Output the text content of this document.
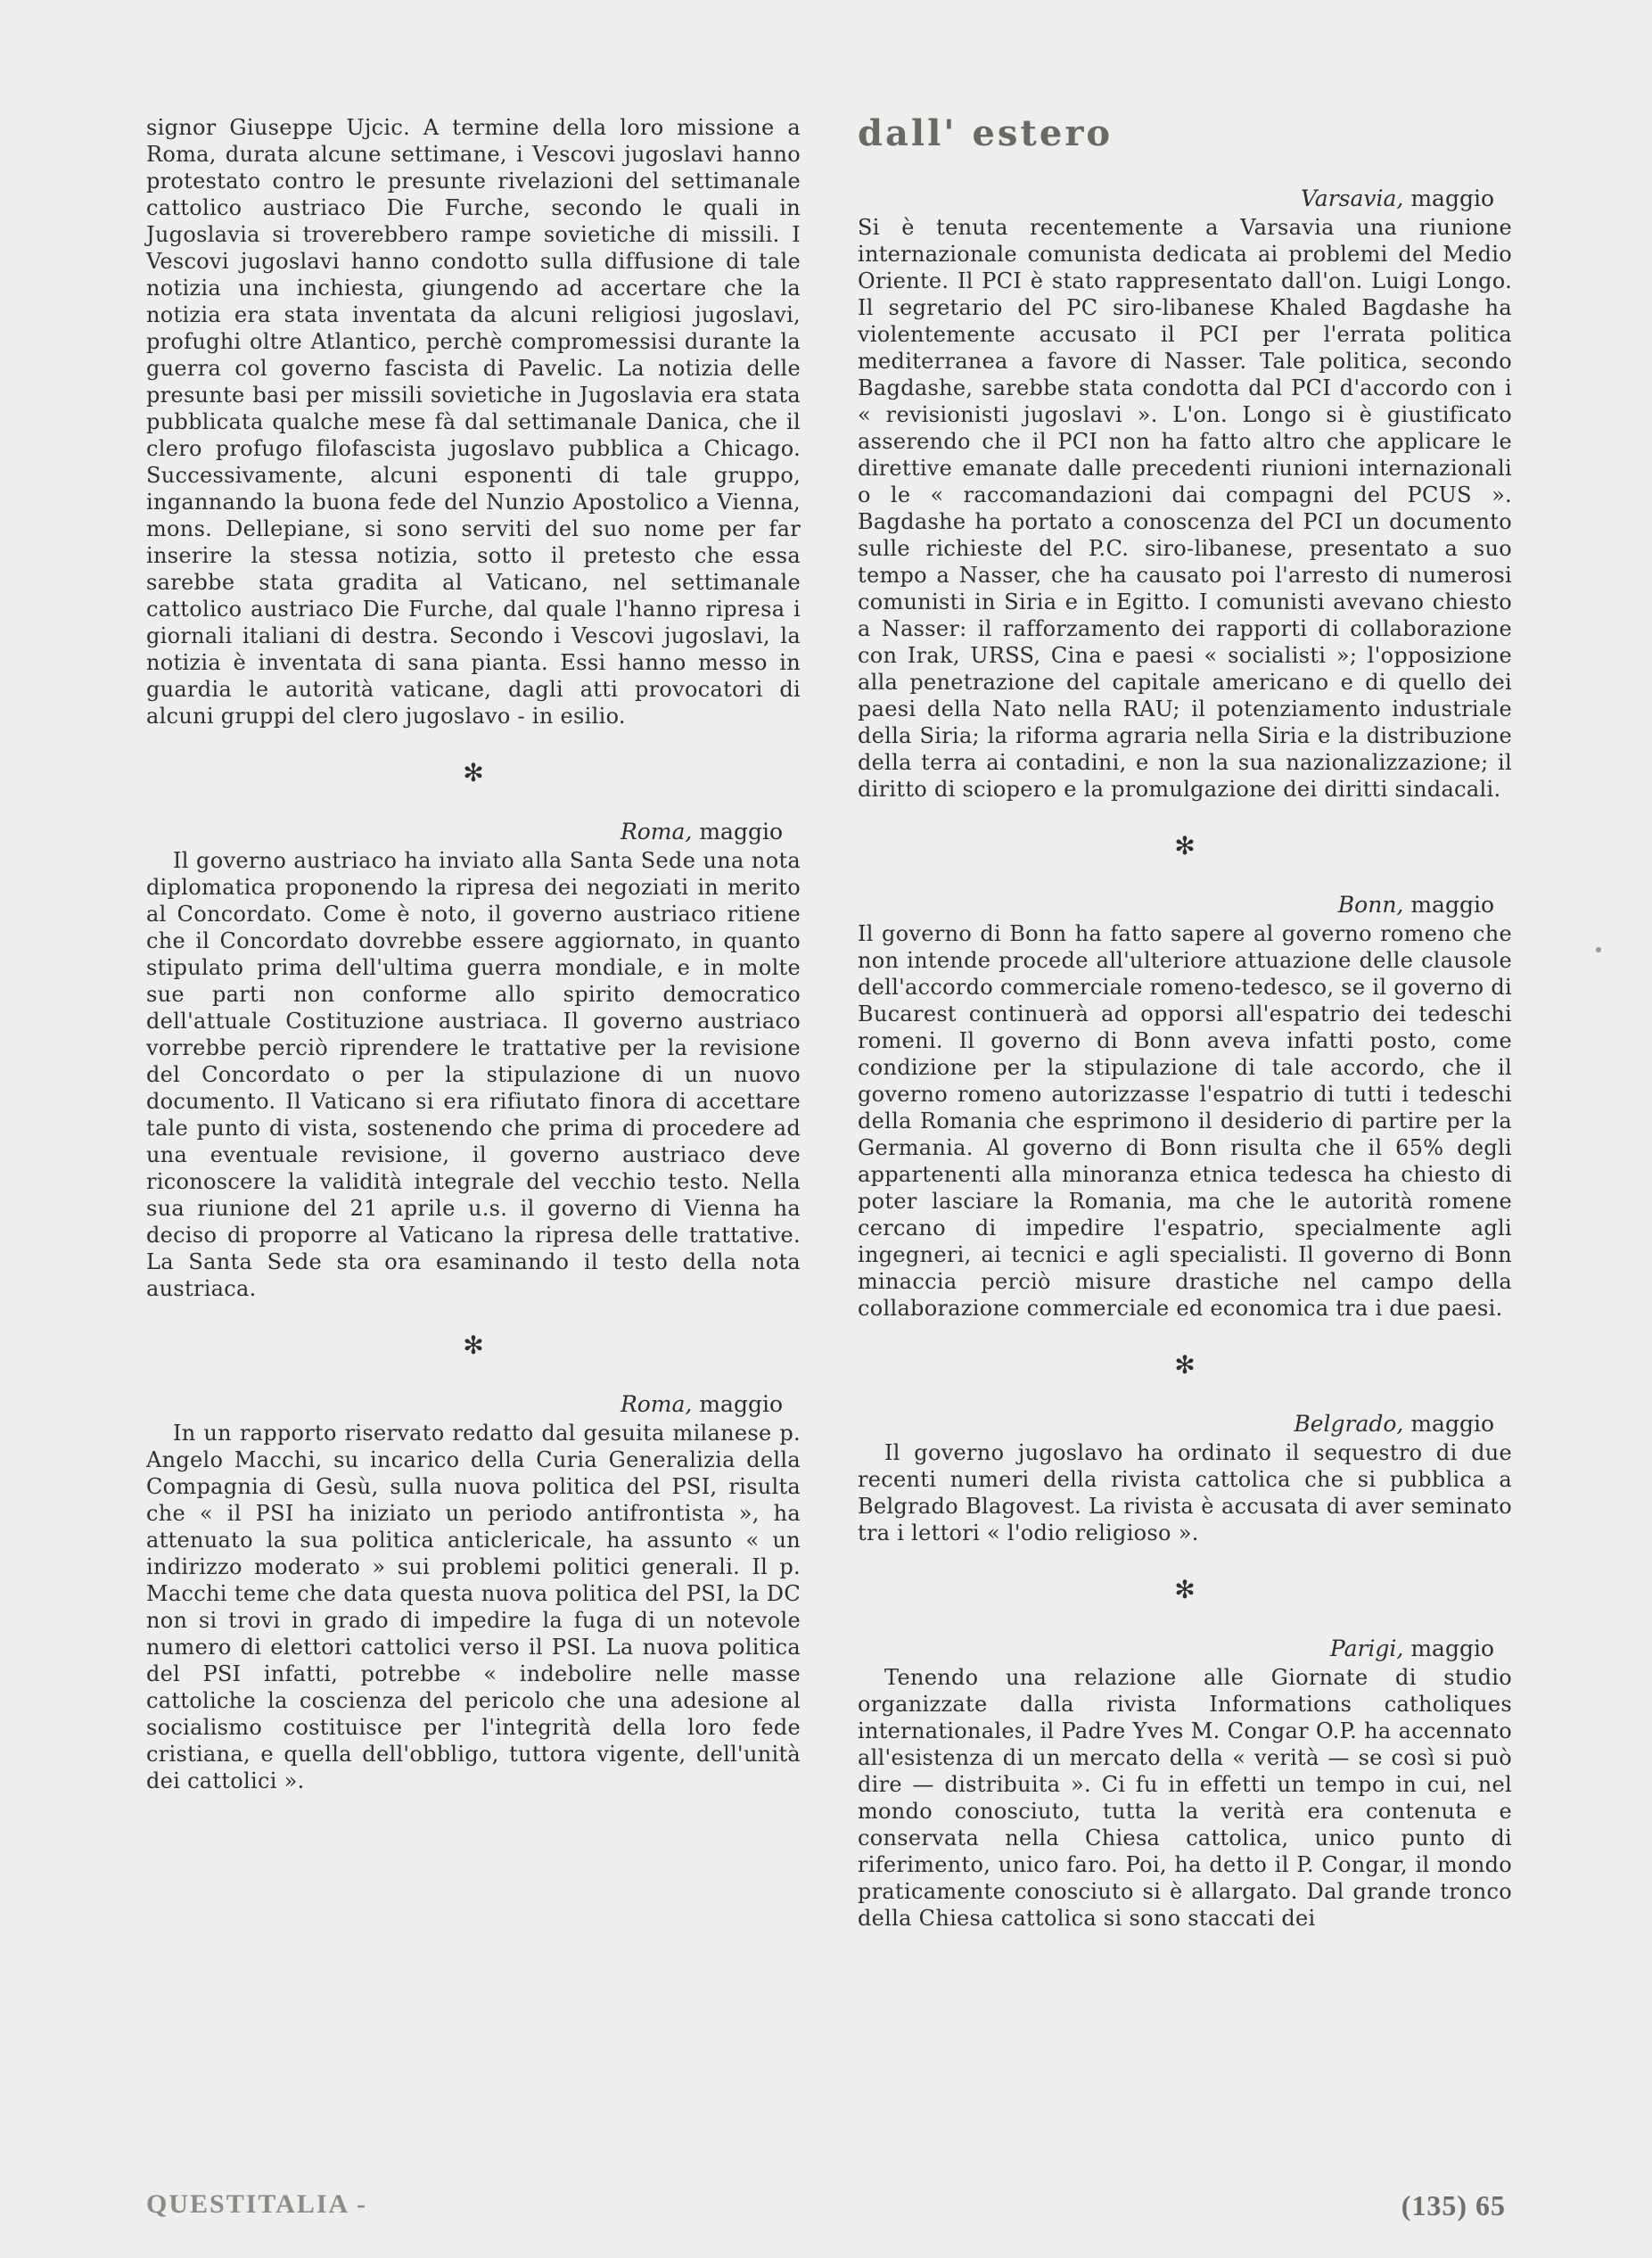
signor Giuseppe Ujcic. A termine della loro missione a Roma, durata alcune settimane, i Vescovi jugoslavi hanno protestato contro le presunte rivelazioni del settimanale cattolico austriaco Die Furche, secondo le quali in Jugoslavia si troverebbero rampe sovietiche di missili. I Vescovi jugoslavi hanno condotto sulla diffusione di tale notizia una inchiesta, giungendo ad accertare che la notizia era stata inventata da alcuni religiosi jugoslavi, profughi oltre Atlantico, perchè compromessisi durante la guerra col governo fascista di Pavelic. La notizia delle presunte basi per missili sovietiche in Jugoslavia era stata pubblicata qualche mese fà dal settimanale Danica, che il clero profugo filofascista jugoslavo pubblica a Chicago. Successivamente, alcuni esponenti di tale gruppo, ingannando la buona fede del Nunzio Apostolico a Vienna, mons. Dellepiane, si sono serviti del suo nome per far inserire la stessa notizia, sotto il pretesto che essa sarebbe stata gradita al Vaticano, nel settimanale cattolico austriaco Die Furche, dal quale l'hanno ripresa i giornali italiani di destra. Secondo i Vescovi jugoslavi, la notizia è inventata di sana pianta. Essi hanno messo in guardia le autorità vaticane, dagli atti provocatori di alcuni gruppi del clero jugoslavo - in esilio.

✻
Roma, maggio

Il governo austriaco ha inviato alla Santa Sede una nota diplomatica proponendo la ripresa dei negoziati in merito al Concordato. Come è noto, il governo austriaco ritiene che il Concordato dovrebbe essere aggiornato, in quanto stipulato prima dell'ultima guerra mondiale, e in molte sue parti non conforme allo spirito democratico dell'attuale Costituzione austriaca. Il governo austriaco vorrebbe perciò riprendere le trattative per la revisione del Concordato o per la stipulazione di un nuovo documento. Il Vaticano si era rifiutato finora di accettare tale punto di vista, sostenendo che prima di procedere ad una eventuale revisione, il governo austriaco deve riconoscere la validità integrale del vecchio testo. Nella sua riunione del 21 aprile u.s. il governo di Vienna ha deciso di proporre al Vaticano la ripresa delle trattative. La Santa Sede sta ora esaminando il testo della nota austriaca.

✻
Roma, maggio

In un rapporto riservato redatto dal gesuita milanese p. Angelo Macchi, su incarico della Curia Generalizia della Compagnia di Gesù, sulla nuova politica del PSI, risulta che « il PSI ha iniziato un periodo antifrontista », ha attenuato la sua politica anticlericale, ha assunto « un indirizzo moderato » sui problemi politici generali. Il p. Macchi teme che data questa nuova politica del PSI, la DC non si trovi in grado di impedire la fuga di un notevole numero di elettori cattolici verso il PSI. La nuova politica del PSI infatti, potrebbe « indebolire nelle masse cattoliche la coscienza del pericolo che una adesione al socialismo costituisce per l'integrità della loro fede cristiana, e quella dell'obbligo, tuttora vigente, dell'unità dei cattolici ».

dall' estero
Varsavia, maggio

Si è tenuta recentemente a Varsavia una riunione internazionale comunista dedicata ai problemi del Medio Oriente. Il PCI è stato rappresentato dall'on. Luigi Longo. Il segretario del PC siro-libanese Khaled Bagdashe ha violentemente accusato il PCI per l'errata politica mediterranea a favore di Nasser. Tale politica, secondo Bagdashe, sarebbe stata condotta dal PCI d'accordo con i « revisionisti jugoslavi ». L'on. Longo si è giustificato asserendo che il PCI non ha fatto altro che applicare le direttive emanate dalle precedenti riunioni internazionali o le « raccomandazioni dai compagni del PCUS ». Bagdashe ha portato a conoscenza del PCI un documento sulle richieste del P.C. siro-libanese, presentato a suo tempo a Nasser, che ha causato poi l'arresto di numerosi comunisti in Siria e in Egitto. I comunisti avevano chiesto a Nasser: il rafforzamento dei rapporti di collaborazione con Irak, URSS, Cina e paesi « socialisti »; l'opposizione alla penetrazione del capitale americano e di quello dei paesi della Nato nella RAU; il potenziamento industriale della Siria; la riforma agraria nella Siria e la distribuzione della terra ai contadini, e non la sua nazionalizzazione; il diritto di sciopero e la promulgazione dei diritti sindacali.

✻
Bonn, maggio

Il governo di Bonn ha fatto sapere al governo romeno che non intende procede all'ulteriore attuazione delle clausole dell'accordo commerciale romeno-tedesco, se il governo di Bucarest continuerà ad opporsi all'espatrio dei tedeschi romeni. Il governo di Bonn aveva infatti posto, come condizione per la stipulazione di tale accordo, che il governo romeno autorizzasse l'espatrio di tutti i tedeschi della Romania che esprimono il desiderio di partire per la Germania. Al governo di Bonn risulta che il 65% degli appartenenti alla minoranza etnica tedesca ha chiesto di poter lasciare la Romania, ma che le autorità romene cercano di impedire l'espatrio, specialmente agli ingegneri, ai tecnici e agli specialisti. Il governo di Bonn minaccia perciò misure drastiche nel campo della collaborazione commerciale ed economica tra i due paesi.

✻
Belgrado, maggio

Il governo jugoslavo ha ordinato il sequestro di due recenti numeri della rivista cattolica che si pubblica a Belgrado Blagovest. La rivista è accusata di aver seminato tra i lettori « l'odio religioso ».

✻
Parigi, maggio

Tenendo una relazione alle Giornate di studio organizzate dalla rivista Informations catholiques internationales, il Padre Yves M. Congar O.P. ha accennato all'esistenza di un mercato della « verità — se così si può dire — distribuita ». Ci fu in effetti un tempo in cui, nel mondo conosciuto, tutta la verità era contenuta e conservata nella Chiesa cattolica, unico punto di riferimento, unico faro. Poi, ha detto il P. Congar, il mondo praticamente conosciuto si è allargato. Dal grande tronco della Chiesa cattolica si sono staccati dei

QUESTITALIA -	(135) 65
